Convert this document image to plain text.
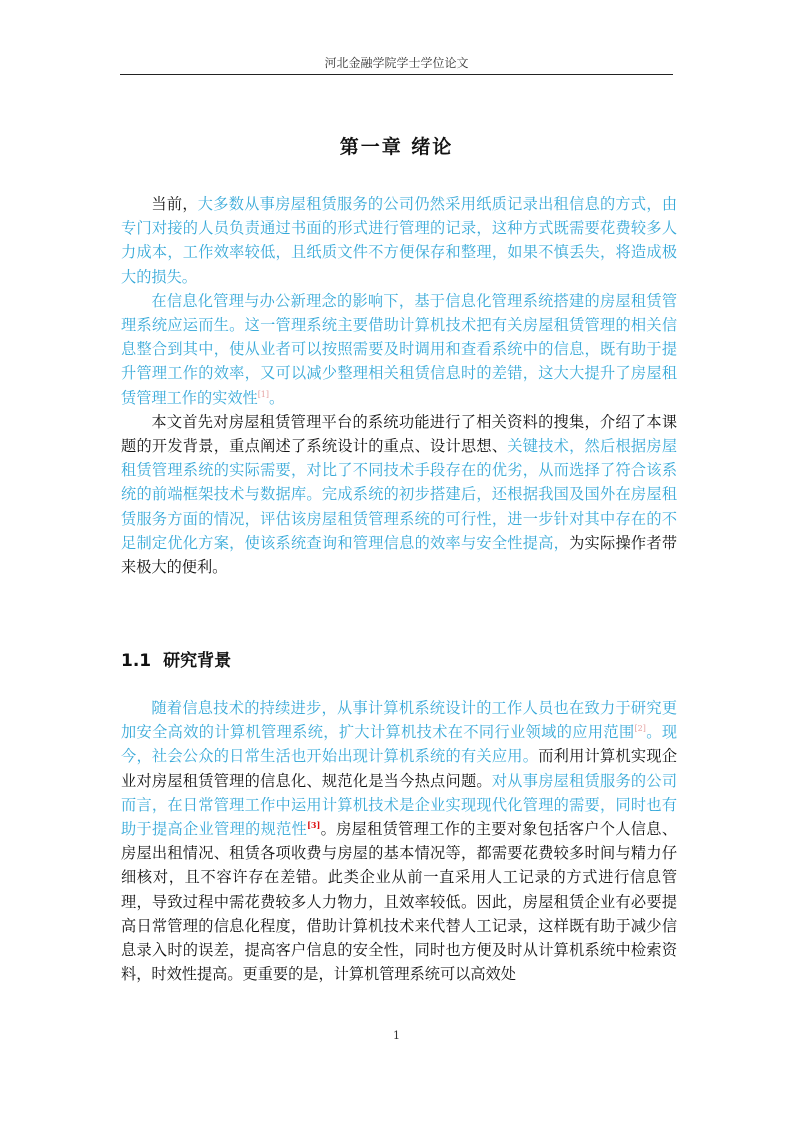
河北金融学院学士学位论文
第一章 绪论

当前，大多数从事房屋租赁服务的公司仍然采用纸质记录出租信息的方式，由专门对接的人员负责通过书面的形式进行管理的记录，这种方式既需要花费较多人力成本，工作效率较低，且纸质文件不方便保存和整理，如果不慎丢失，将造成极大的损失。

在信息化管理与办公新理念的影响下，基于信息化管理系统搭建的房屋租赁管理系统应运而生。这一管理系统主要借助计算机技术把有关房屋租赁管理的相关信息整合到其中，使从业者可以按照需要及时调用和查看系统中的信息，既有助于提升管理工作的效率，又可以减少整理相关租赁信息时的差错，这大大提升了房屋租赁管理工作的实效性[1]。

本文首先对房屋租赁管理平台的系统功能进行了相关资料的搜集，介绍了本课题的开发背景，重点阐述了系统设计的重点、设计思想、关键技术，然后根据房屋租赁管理系统的实际需要，对比了不同技术手段存在的优劣，从而选择了符合该系统的前端框架技术与数据库。完成系统的初步搭建后，还根据我国及国外在房屋租赁服务方面的情况，评估该房屋租赁管理系统的可行性，进一步针对其中存在的不足制定优化方案，使该系统查询和管理信息的效率与安全性提高，为实际操作者带来极大的便利。

1.1 研究背景

随着信息技术的持续进步，从事计算机系统设计的工作人员也在致力于研究更加安全高效的计算机管理系统，扩大计算机技术在不同行业领域的应用范围[2]。现今，社会公众的日常生活也开始出现计算机系统的有关应用。而利用计算机实现企业对房屋租赁管理的信息化、规范化是当今热点问题。对从事房屋租赁服务的公司而言，在日常管理工作中运用计算机技术是企业实现现代化管理的需要，同时也有助于提高企业管理的规范性[3]。房屋租赁管理工作的主要对象包括客户个人信息、房屋出租情况、租赁各项收费与房屋的基本情况等，都需要花费较多时间与精力仔细核对，且不容许存在差错。此类企业从前一直采用人工记录的方式进行信息管理，导致过程中需花费较多人力物力，且效率较低。因此，房屋租赁企业有必要提高日常管理的信息化程度，借助计算机技术来代替人工记录，这样既有助于减少信息录入时的误差，提高客户信息的安全性，同时也方便及时从计算机系统中检索资料，时效性提高。更重要的是，计算机管理系统可以高效处

1
